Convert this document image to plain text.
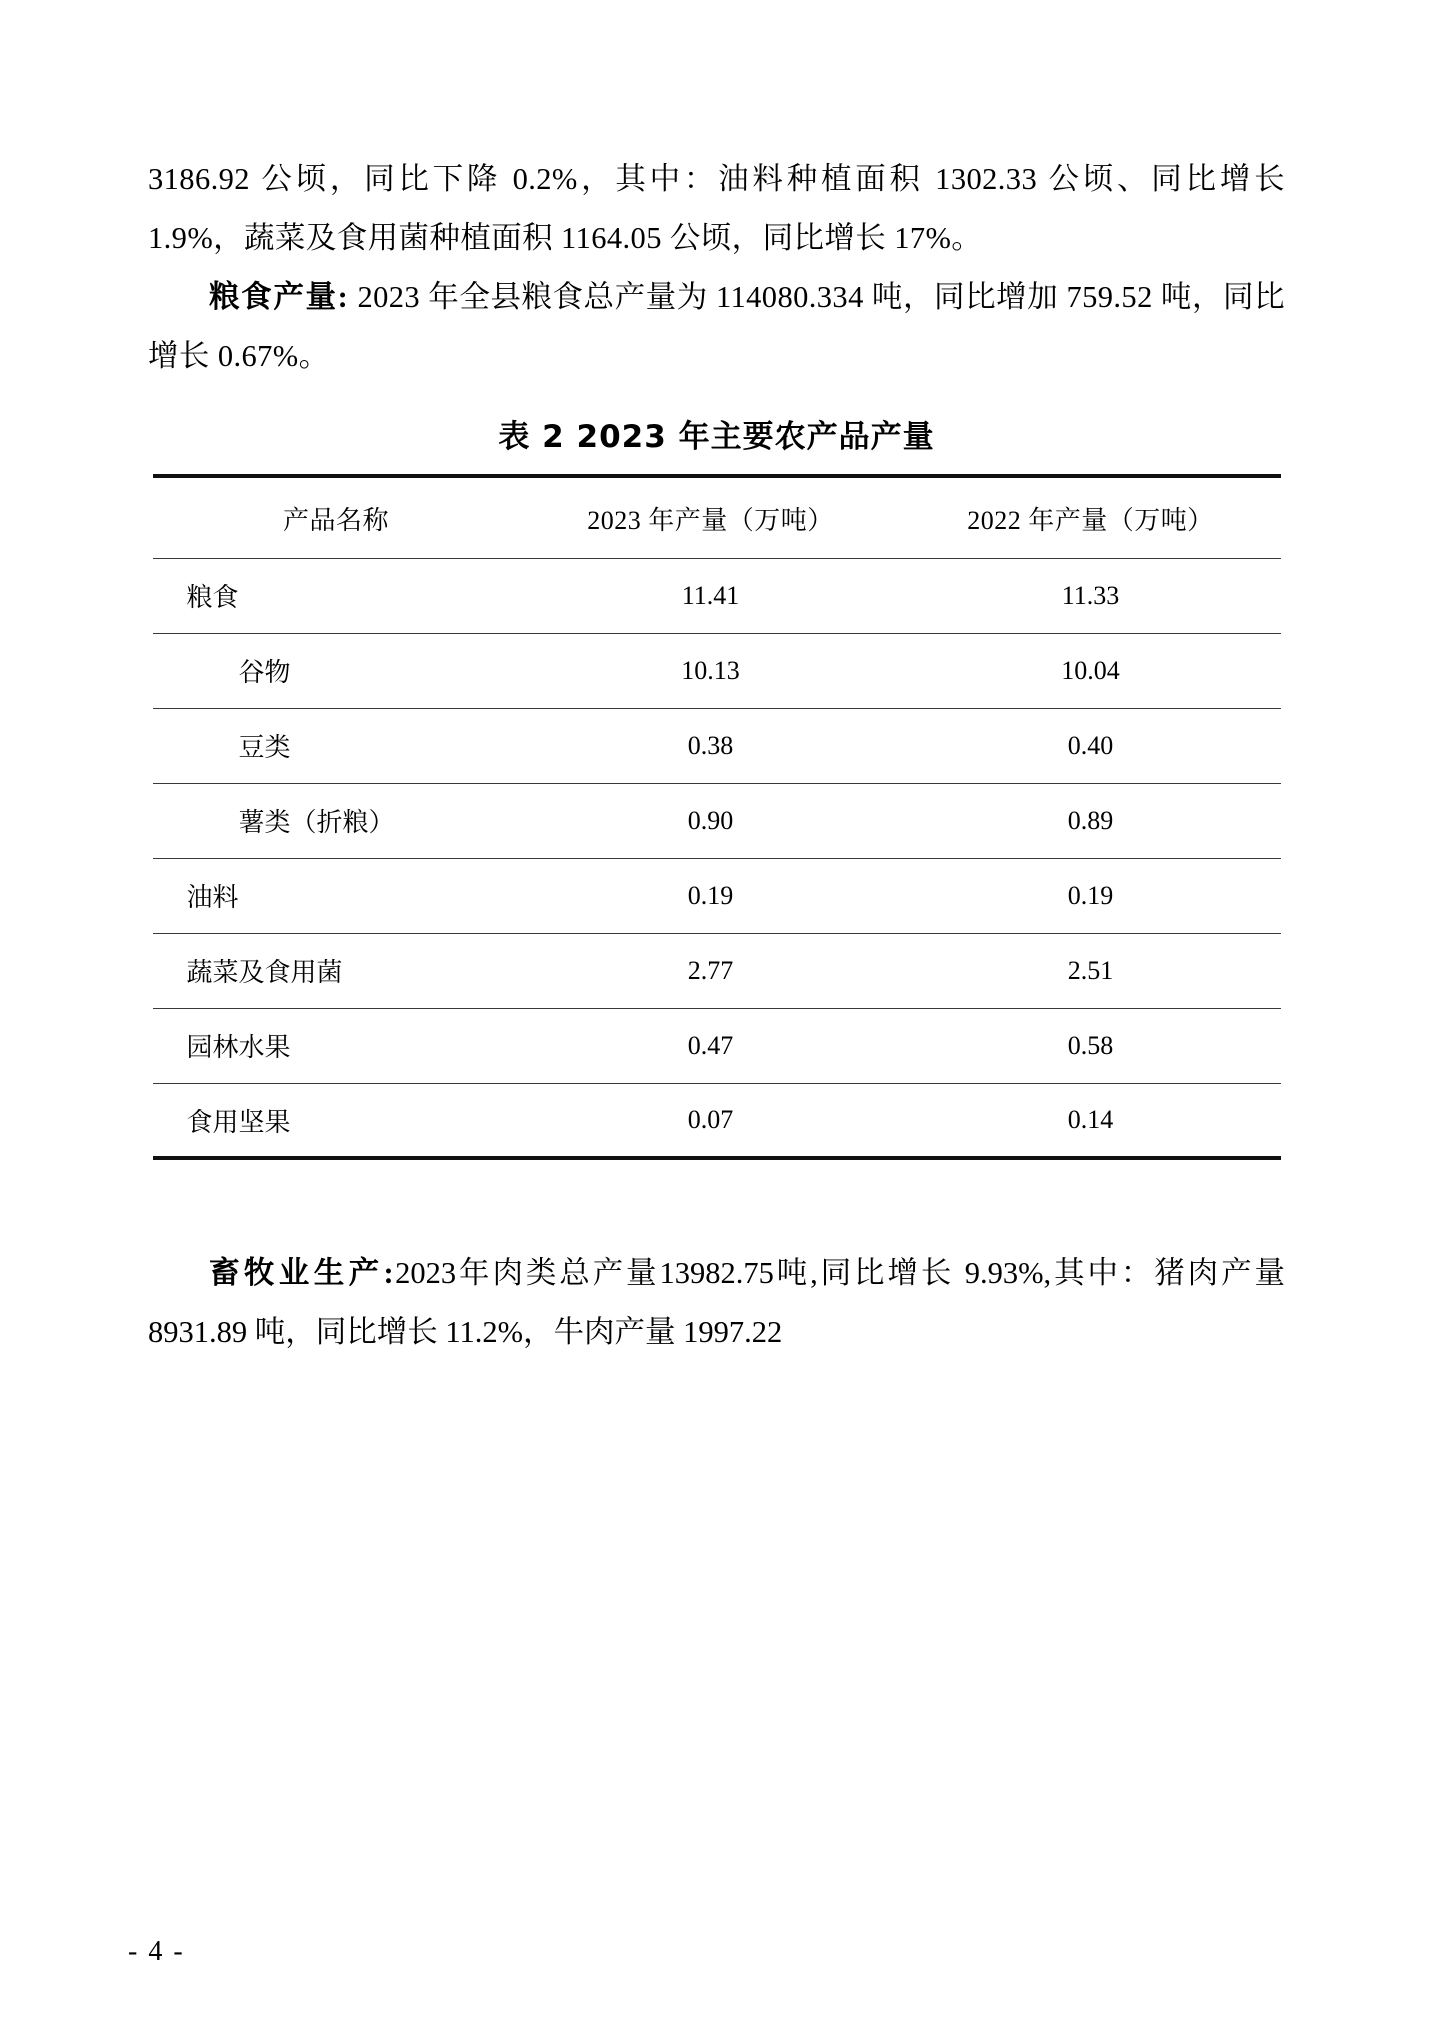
3186.92 公顷，同比下降 0.2%，其中：油料种植面积 1302.33 公顷、同比增长 1.9%，蔬菜及食用菌种植面积 1164.05 公顷，同比增长 17%。

粮食产量: 2023 年全县粮食总产量为 114080.334 吨，同比增加 759.52 吨，同比增长 0.67%。

表 2 2023 年主要农产品产量
产品名称	2023 年产量（万吨）	2022 年产量（万吨）
粮食	11.41	11.33
谷物	10.13	10.04
豆类	0.38	0.40
薯类（折粮）	0.90	0.89
油料	0.19	0.19
蔬菜及食用菌	2.77	2.51
园林水果	0.47	0.58
食用坚果	0.07	0.14

畜牧业生产:2023年肉类总产量13982.75吨,同比增长 9.93%,其中：猪肉产量 8931.89 吨，同比增长 11.2%，牛肉产量 1997.22

- 4 -
